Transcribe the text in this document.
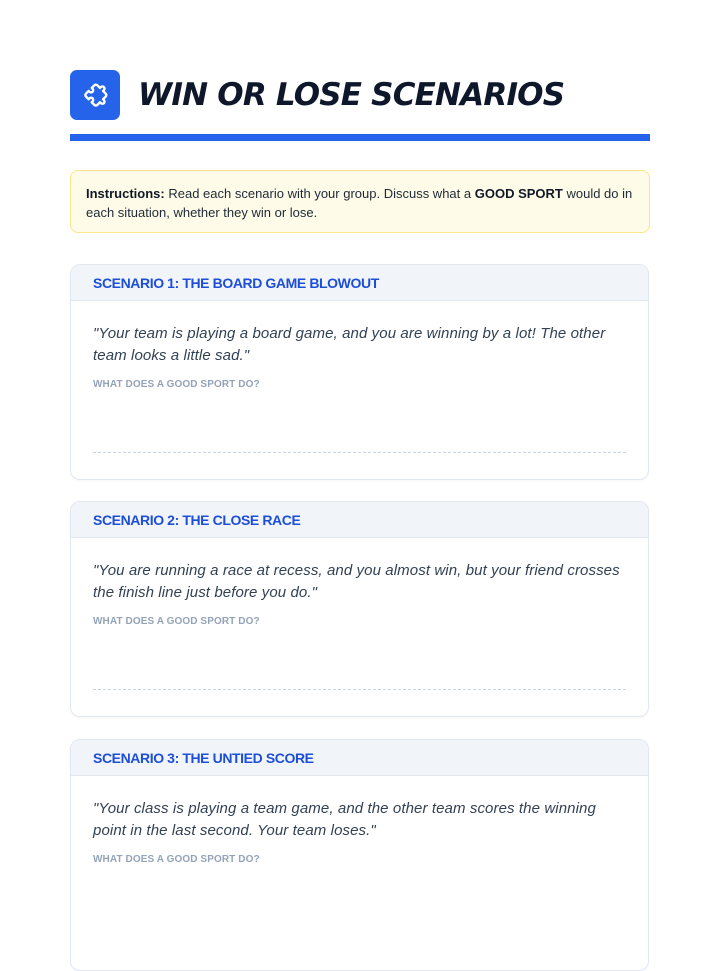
WIN OR LOSE SCENARIOS
Instructions: Read each scenario with your group. Discuss what a GOOD SPORT would do in each situation, whether they win or lose.
SCENARIO 1: THE BOARD GAME BLOWOUT
"Your team is playing a board game, and you are winning by a lot! The other team looks a little sad."
WHAT DOES A GOOD SPORT DO?
SCENARIO 2: THE CLOSE RACE
"You are running a race at recess, and you almost win, but your friend crosses the finish line just before you do."
WHAT DOES A GOOD SPORT DO?
SCENARIO 3: THE UNTIED SCORE
"Your class is playing a team game, and the other team scores the winning point in the last second. Your team loses."
WHAT DOES A GOOD SPORT DO?
